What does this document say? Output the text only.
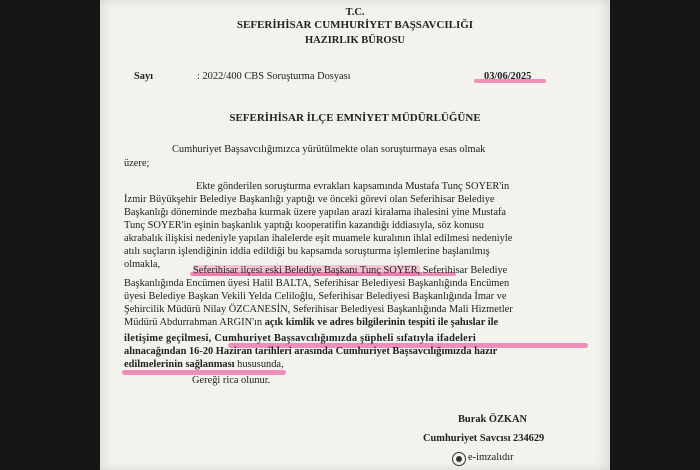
T.C.
SEFERİHİSAR CUMHURİYET BAŞSAVCILIĞI
HAZIRLIK BÜROSU
Sayı	: 2022/400 CBS Soruşturma Dosyası	03/06/2025
SEFERİHİSAR İLÇE EMNİYET MÜDÜRLÜĞÜNE
Cumhuriyet Başsavcılığımızca yürütülmekte olan soruşturmaya esas olmak
üzere;
Ekte gönderilen soruşturma evrakları kapsamında Mustafa Tunç SOYER'in
İzmir Büyükşehir Belediye Başkanlığı yaptığı ve önceki görevi olan Seferihisar Belediye
Başkanlığı döneminde mezbaha kurmak üzere yapılan arazi kiralama ihalesini yine Mustafa
Tunç SOYER'in eşinin başkanlık yaptığı kooperatifin kazandığı iddiasıyla, söz konusu
akrabalık ilişkisi nedeniyle yapılan ihalelerde eşit muamele kuralının ihlal edilmesi nedeniyle
atılı suçların işlendiğinin iddia edildiği bu kapsamda soruşturma işlemlerine başlanılmış
olmakla,
Seferihisar ilçesi eski Belediye Başkanı Tunç SOYER, Seferihisar Belediye
Başkanlığında Encümen üyesi Halil BALTA, Seferihisar Belediyesi Başkanlığında Encümen
üyesi Belediye Başkan Vekili Yelda Celiloğlu, Seferihisar Belediyesi Başkanlığında İmar ve
Şehircilik Müdürü Nilay ÖZCANESİN, Seferihisar Belediyesi Başkanlığında Mali Hizmetler
Müdürü Abdurrahman ARGIN'ın açık kimlik ve adres bilgilerinin tespiti ile şahıslar ile
iletişime geçilmesi, Cumhuriyet Başsavcılığımızda şüpheli sıfatıyla ifadeleri
alınacağından 16-20 Haziran tarihleri arasında Cumhuriyet Başsavcılığımızda hazır
edilmelerinin sağlanması hususunda,
Gereği rica olunur.
Burak ÖZKAN
Cumhuriyet Savcısı 234629
e-imzalıdır
